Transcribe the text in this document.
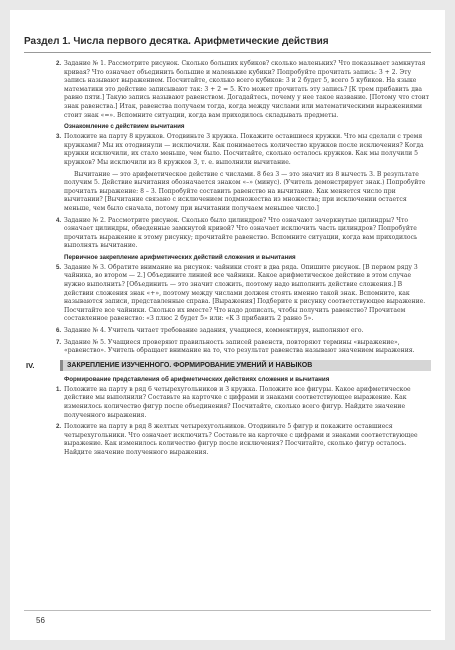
Раздел 1. Числа первого десятка. Арифметические действия
2. Задание № 1. Рассмотрите рисунок. Сколько больших кубиков? сколько маленьких? Что показывает замкнутая кривая? Что означает объединить большие и маленькие кубики? Попробуйте прочитать запись: 3 + 2. Эту запись называют выражением. Посчитайте, сколько всего кубиков: 3 и 2 будет 5, всего 5 кубиков. На языке математики это действие записывают так: 3 + 2 = 5. Кто может прочитать эту запись? [К трем прибавить два равно пяти.] Такую запись называют равенством. Догадайтесь, почему у нее такое название. [Потому что стоит знак равенства.] Итак, равенства получаем тогда, когда между числами или математическими выражениями стоит знак «=». Вспомните ситуации, когда вам приходилось складывать предметы.
Ознакомление с действием вычитания
3. Положите на парту 8 кружков. Отодвиньте 3 кружка. Покажите оставшиеся кружки. Что мы сделали с тремя кружками? Мы их отодвинули — исключили. Как понимаетесь количество кружков после исключения? Когда кружки исключили, их стало меньше, чем было. Посчитайте, сколько осталось кружков. Как мы получили 5 кружков? Мы исключили из 8 кружков 3, т. е. выполнили вычитание.
Вычитание — это арифметическое действие с числами. 8 без 3 — это значит из 8 вычесть 3. В результате получим 5. Действие вычитания обозначается знаком «–» (минус). (Учитель демонстрирует знак.) Попробуйте прочитать выражение: 8 – 3. Попробуйте составить равенство на вычитание. Как меняется число при вычитании? [Вычитание связано с исключением подмножества из множества; при исключении остается меньше, чем было сначала, потому при вычитании получаем меньшее число.]
4. Задание № 2. Рассмотрите рисунок. Сколько было цилиндров? Что означают зачеркнутые цилиндры? Что означает цилиндры, обведенные замкнутой кривой? Что означает исключить часть цилиндров? Попробуйте прочитать выражение к этому рисунку; прочитайте равенство. Вспомните ситуации, когда вам приходилось выполнять вычитание.
Первичное закрепление арифметических действий сложения и вычитания
5. Задание № 3. Обратите внимание на рисунок: чайники стоят в два ряда. Опишите рисунок. [В первом ряду 3 чайника, во втором — 2.] Объедините линией все чайники. Какое арифметическое действие в этом случае нужно выполнить? [Объединить — это значит сложить, поэтому надо выполнить действие сложения.] В действии сложения знак «+», поэтому между числами должен стоять именно такой знак. Вспомните, как называются записи, представленные справа. [Выражения] Подберите к рисунку соответствующее выражение. Посчитайте все чайники. Сколько их вместе? Что надо дописать, чтобы получить равенство? Прочитаем составленное равенство: «3 плюс 2 будет 5» или: «К 3 прибавить 2 равно 5».
6. Задание № 4. Учитель читает требование задания, учащиеся, комментируя, выполняют его.
7. Задание № 5. Учащиеся проверяют правильность записей равенств, повторяют термины «выражение», «равенство». Учитель обращает внимание на то, что результат равенства называют значением выражения.
IV.	ЗАКРЕПЛЕНИЕ ИЗУЧЕННОГО. ФОРМИРОВАНИЕ УМЕНИЙ И НАВЫКОВ
Формирование представления об арифметических действиях сложения и вычитания
1. Положите на парту в ряд 6 четырехугольников и 3 кружка. Положите все фигуры. Какое арифметическое действие мы выполнили? Составьте на карточке с цифрами и знаками соответствующее выражение. Как изменилось количество фигур после объединения? Посчитайте, сколько всего фигур. Найдите значение полученного выражения.
2. Положите на парту в ряд 8 желтых четырехугольников. Отодвиньте 5 фигур и покажите оставшиеся четырехугольники. Что означает исключить? Составьте на карточке с цифрами и знаками соответствующее выражение. Как изменилось количество фигур после исключения? Посчитайте, сколько фигур осталось. Найдите значение полученного выражения.
56
